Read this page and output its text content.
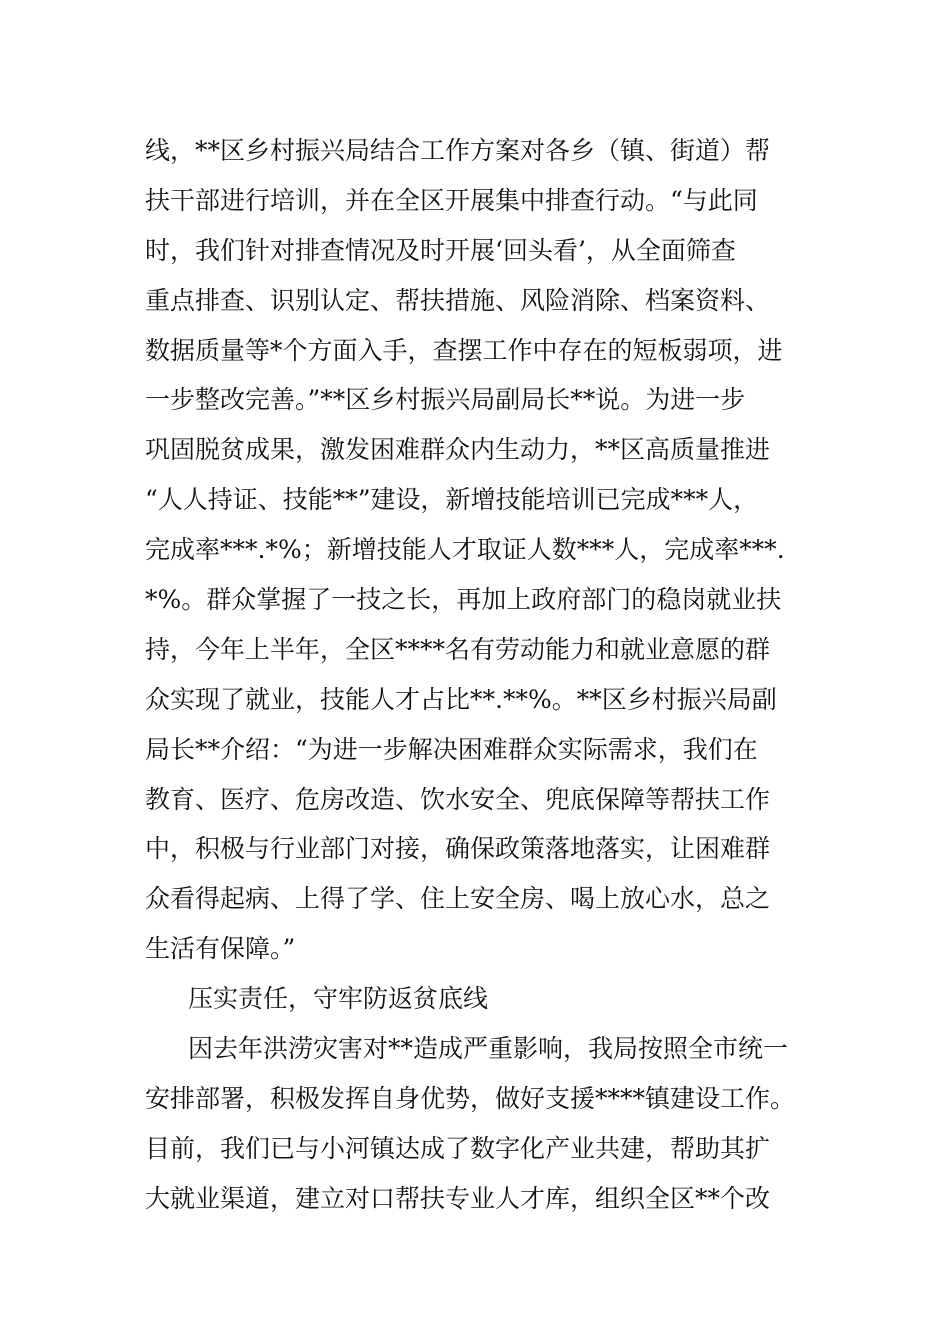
线，**区乡村振兴局结合工作方案对各乡（镇、街道）帮
扶干部进行培训，并在全区开展集中排查行动。“与此同
时，我们针对排查情况及时开展‘回头看’，从全面筛查
重点排查、识别认定、帮扶措施、风险消除、档案资料、
数据质量等*个方面入手，查摆工作中存在的短板弱项，进
一步整改完善。”**区乡村振兴局副局长**说。为进一步
巩固脱贫成果，激发困难群众内生动力，**区高质量推进
“人人持证、技能**”建设，新增技能培训已完成***人，
完成率***.*%；新增技能人才取证人数***人，完成率***.
*%。群众掌握了一技之长，再加上政府部门的稳岗就业扶
持，今年上半年，全区****名有劳动能力和就业意愿的群
众实现了就业，技能人才占比**.**%。**区乡村振兴局副
局长**介绍：“为进一步解决困难群众实际需求，我们在
教育、医疗、危房改造、饮水安全、兜底保障等帮扶工作
中，积极与行业部门对接，确保政策落地落实，让困难群
众看得起病、上得了学、住上安全房、喝上放心水，总之
生活有保障。”
压实责任，守牢防返贫底线
因去年洪涝灾害对**造成严重影响，我局按照全市统一
安排部署，积极发挥自身优势，做好支援****镇建设工作。
目前，我们已与小河镇达成了数字化产业共建，帮助其扩
大就业渠道，建立对口帮扶专业人才库，组织全区**个改
